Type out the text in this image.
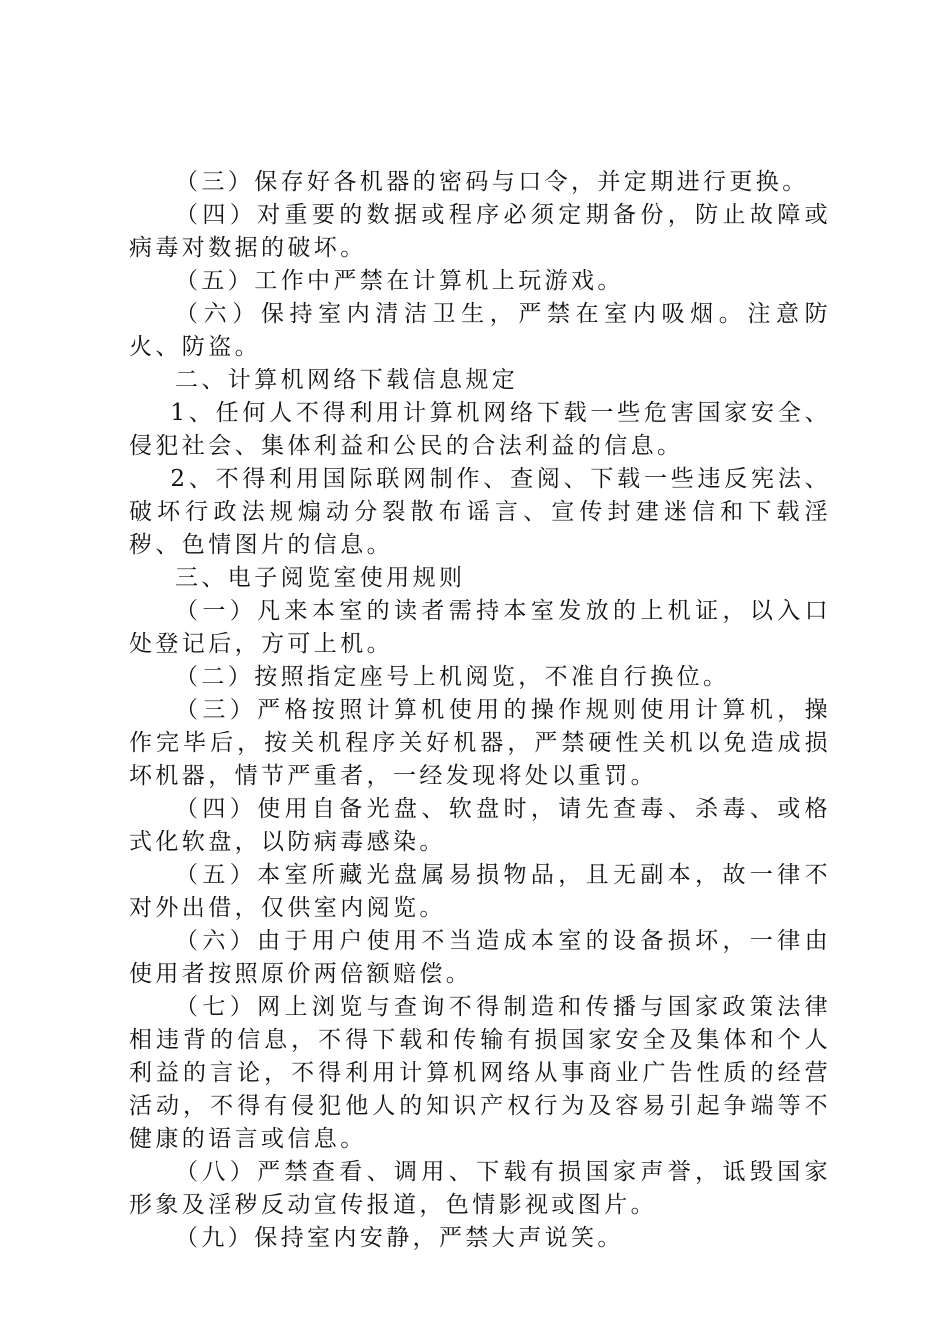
（三）保存好各机器的密码与口令，并定期进行更换。

（四）对重要的数据或程序必须定期备份，防止故障或病毒对数据的破坏。

（五）工作中严禁在计算机上玩游戏。

（六）保持室内清洁卫生，严禁在室内吸烟。注意防火、防盗。

二、计算机网络下载信息规定

1、任何人不得利用计算机网络下载一些危害国家安全、侵犯社会、集体利益和公民的合法利益的信息。

2、不得利用国际联网制作、查阅、下载一些违反宪法、破坏行政法规煽动分裂散布谣言、宣传封建迷信和下载淫秽、色情图片的信息。

三、电子阅览室使用规则

（一）凡来本室的读者需持本室发放的上机证，以入口处登记后，方可上机。

（二）按照指定座号上机阅览，不准自行换位。

（三）严格按照计算机使用的操作规则使用计算机，操作完毕后，按关机程序关好机器，严禁硬性关机以免造成损坏机器，情节严重者，一经发现将处以重罚。

（四）使用自备光盘、软盘时，请先查毒、杀毒、或格式化软盘，以防病毒感染。

（五）本室所藏光盘属易损物品，且无副本，故一律不对外出借，仅供室内阅览。

（六）由于用户使用不当造成本室的设备损坏，一律由使用者按照原价两倍额赔偿。

（七）网上浏览与查询不得制造和传播与国家政策法律相违背的信息，不得下载和传输有损国家安全及集体和个人利益的言论，不得利用计算机网络从事商业广告性质的经营活动，不得有侵犯他人的知识产权行为及容易引起争端等不健康的语言或信息。

（八）严禁查看、调用、下载有损国家声誉，诋毁国家形象及淫秽反动宣传报道，色情影视或图片。

（九）保持室内安静，严禁大声说笑。
